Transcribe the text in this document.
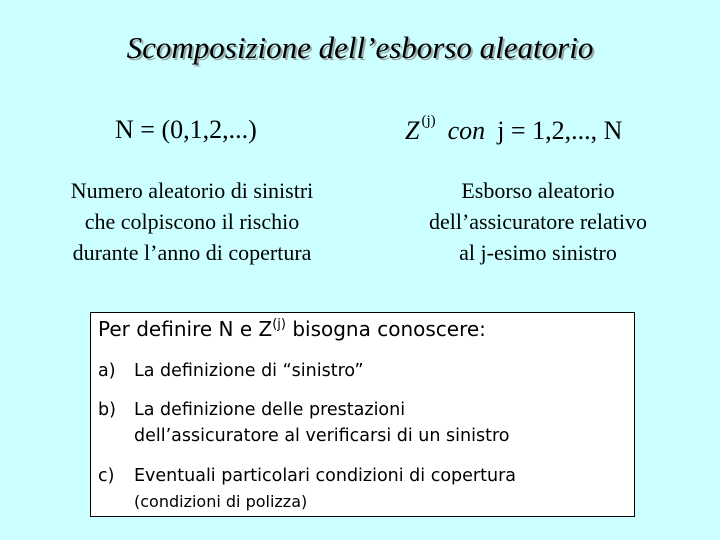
Scomposizione dell’esborso aleatorio
N = (0,1,2,...)	Z $^{(j)}$ con j = 1,2,..., N
Numero aleatorio di sinistri
che colpiscono il rischio
durante l’anno di copertura
Esborso aleatorio
dell’assicuratore relativo
al j-esimo sinistro
Per definire N e $Z^{(j)}$ bisogna conoscere:
a) La definizione di “sinistro”
b) La definizione delle prestazioni
dell’assicuratore al verificarsi di un sinistro
c) Eventuali particolari condizioni di copertura
(condizioni di polizza)
